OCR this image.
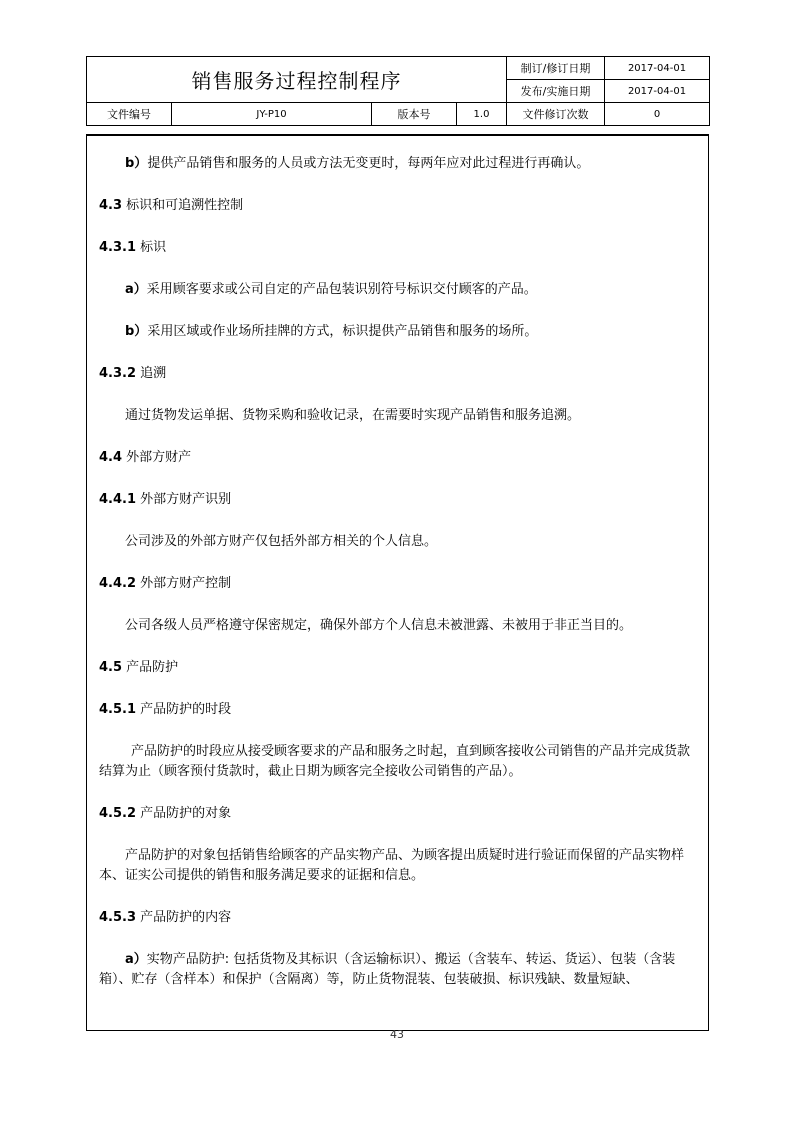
销售服务过程控制程序				制订/修订日期	2017-04-01
				发布/实施日期	2017-04-01
文件编号	JY-P10	版本号	1.0	文件修订次数	0

b）提供产品销售和服务的人员或方法无变更时，每两年应对此过程进行再确认。

4.3 标识和可追溯性控制

4.3.1 标识

a）采用顾客要求或公司自定的产品包装识别符号标识交付顾客的产品。

b）采用区域或作业场所挂牌的方式，标识提供产品销售和服务的场所。

4.3.2 追溯

通过货物发运单据、货物采购和验收记录，在需要时实现产品销售和服务追溯。

4.4 外部方财产

4.4.1 外部方财产识别

公司涉及的外部方财产仅包括外部方相关的个人信息。

4.4.2 外部方财产控制

公司各级人员严格遵守保密规定，确保外部方个人信息未被泄露、未被用于非正当目的。

4.5 产品防护

4.5.1 产品防护的时段

产品防护的时段应从接受顾客要求的产品和服务之时起，直到顾客接收公司销售的产品并完成货款结算为止（顾客预付货款时，截止日期为顾客完全接收公司销售的产品）。

4.5.2 产品防护的对象

产品防护的对象包括销售给顾客的产品实物产品、为顾客提出质疑时进行验证而保留的产品实物样本、证实公司提供的销售和服务满足要求的证据和信息。

4.5.3 产品防护的内容

a）实物产品防护: 包括货物及其标识（含运输标识）、搬运（含装车、转运、货运）、包装（含装箱）、贮存（含样本）和保护（含隔离）等，防止货物混装、包装破损、标识残缺、数量短缺、

43
